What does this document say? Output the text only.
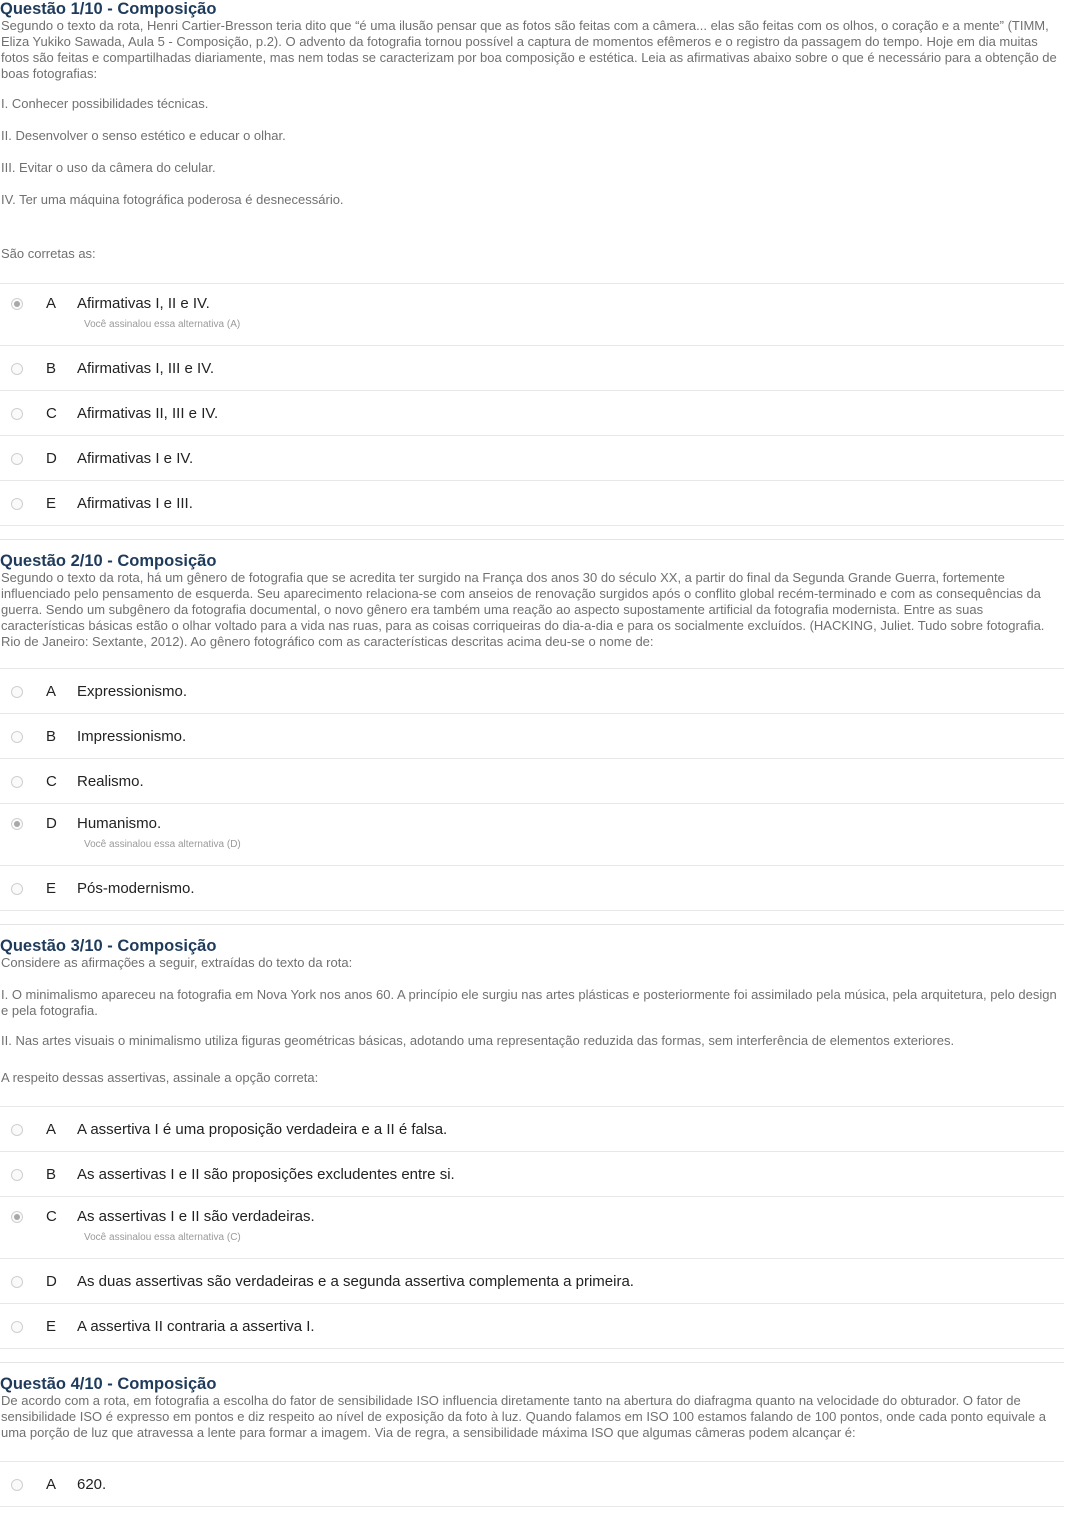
Questão 1/10 - Composição

Segundo o texto da rota, Henri Cartier-Bresson teria dito que “é uma ilusão pensar que as fotos são feitas com a câmera... elas são feitas com os olhos, o coração e a mente” (TIMM, Eliza Yukiko Sawada, Aula 5 - Composição, p.2). O advento da fotografia tornou possível a captura de momentos efêmeros e o registro da passagem do tempo. Hoje em dia muitas fotos são feitas e compartilhadas diariamente, mas nem todas se caracterizam por boa composição e estética. Leia as afirmativas abaixo sobre o que é necessário para a obtenção de boas fotografias:

I. Conhecer possibilidades técnicas.

II. Desenvolver o senso estético e educar o olhar.

III. Evitar o uso da câmera do celular.

IV. Ter uma máquina fotográfica poderosa é desnecessário.

São corretas as:

A Afirmativas I, II e IV.
Você assinalou essa alternativa (A)
B Afirmativas I, III e IV.
C Afirmativas II, III e IV.
D Afirmativas I e IV.
E Afirmativas I e III.
Questão 2/10 - Composição

Segundo o texto da rota, há um gênero de fotografia que se acredita ter surgido na França dos anos 30 do século XX, a partir do final da Segunda Grande Guerra, fortemente influenciado pelo pensamento de esquerda. Seu aparecimento relaciona-se com anseios de renovação surgidos após o conflito global recém-terminado e com as consequências da guerra. Sendo um subgênero da fotografia documental, o novo gênero era também uma reação ao aspecto supostamente artificial da fotografia modernista. Entre as suas características básicas estão o olhar voltado para a vida nas ruas, para as coisas corriqueiras do dia-a-dia e para os socialmente excluídos. (HACKING, Juliet. Tudo sobre fotografia. Rio de Janeiro: Sextante, 2012). Ao gênero fotográfico com as características descritas acima deu-se o nome de:

A Expressionismo.
B Impressionismo.
C Realismo.
D Humanismo.
Você assinalou essa alternativa (D)
E Pós-modernismo.
Questão 3/10 - Composição

Considere as afirmações a seguir, extraídas do texto da rota:

I. O minimalismo apareceu na fotografia em Nova York nos anos 60. A princípio ele surgiu nas artes plásticas e posteriormente foi assimilado pela música, pela arquitetura, pelo design e pela fotografia.

II. Nas artes visuais o minimalismo utiliza figuras geométricas básicas, adotando uma representação reduzida das formas, sem interferência de elementos exteriores.

A respeito dessas assertivas, assinale a opção correta:

A A assertiva I é uma proposição verdadeira e a II é falsa.
B As assertivas I e II são proposições excludentes entre si.
C As assertivas I e II são verdadeiras.
Você assinalou essa alternativa (C)
D As duas assertivas são verdadeiras e a segunda assertiva complementa a primeira.
E A assertiva II contraria a assertiva I.
Questão 4/10 - Composição

De acordo com a rota, em fotografia a escolha do fator de sensibilidade ISO influencia diretamente tanto na abertura do diafragma quanto na velocidade do obturador. O fator de sensibilidade ISO é expresso em pontos e diz respeito ao nível de exposição da foto à luz. Quando falamos em ISO 100 estamos falando de 100 pontos, onde cada ponto equivale a uma porção de luz que atravessa a lente para formar a imagem. Via de regra, a sensibilidade máxima ISO que algumas câmeras podem alcançar é:

A 620.
